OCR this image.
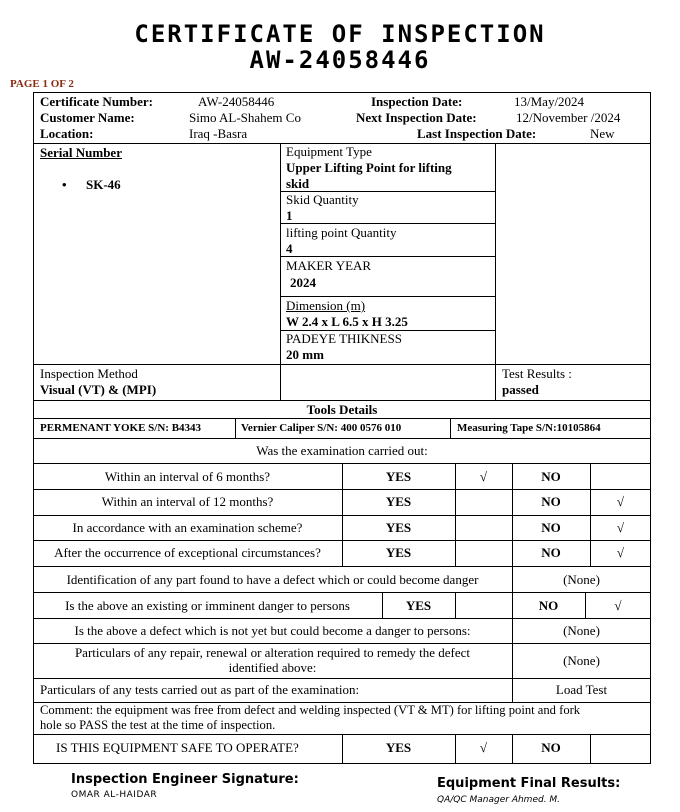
CERTIFICATE OF INSPECTION
AW-24058446
PAGE 1 OF 2
Certificate Number:	AW-24058446	Inspection Date:	13/May/2024
Customer Name:	Simo AL-Shahem Co	Next Inspection Date:	12/November /2024
Location:	Iraq -Basra	Last Inspection Date:	New
Serial Number
• SK-46
Equipment Type
Upper Lifting Point for lifting
skid
Skid Quantity
1
lifting point Quantity
4
MAKER YEAR
2024
Dimension (m)
W 2.4 x L 6.5 x H 3.25
PADEYE THIKNESS
20 mm
Inspection Method
Visual (VT) & (MPI)
Test Results :
passed
Tools Details
PERMENANT YOKE S/N: B4343	Vernier Caliper S/N: 400 0576 010	Measuring Tape S/N:10105864
Was the examination carried out:
Within an interval of 6 months?	YES	√	NO
Within an interval of 12 months?	YES	NO	√
In accordance with an examination scheme?	YES	NO	√
After the occurrence of exceptional circumstances?	YES	NO	√
Identification of any part found to have a defect which or could become danger	(None)
Is the above an existing or imminent danger to persons	YES	NO	√
Is the above a defect which is not yet but could become a danger to persons:	(None)
Particulars of any repair, renewal or alteration required to remedy the defect
identified above:	(None)
Particulars of any tests carried out as part of the examination:	Load Test
Comment: the equipment was free from defect and welding inspected (VT & MT) for lifting point and fork
hole so PASS the test at the time of inspection.
IS THIS EQUIPMENT SAFE TO OPERATE?	YES	√	NO
Inspection Engineer Signature:
OMAR AL-HAIDAR
Equipment Final Results:
QA/QC Manager Ahmed. M.
